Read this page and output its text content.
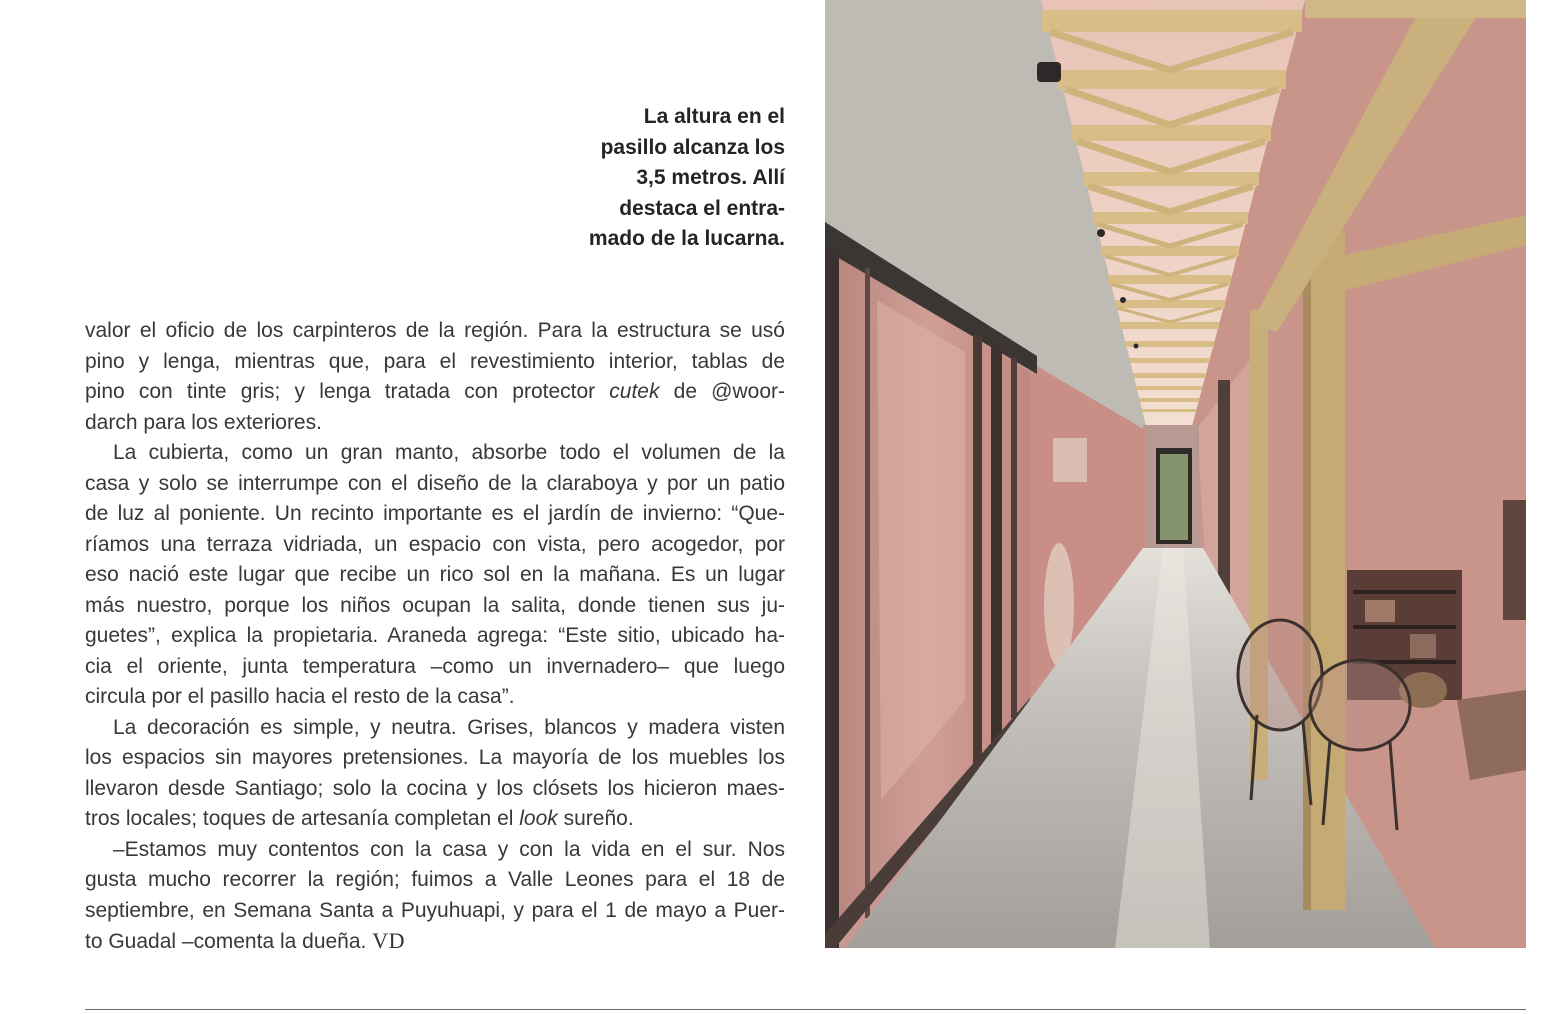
La altura en el
pasillo alcanza los
3,5 metros. Allí
destaca el entra-
mado de la lucarna.

valor el oficio de los carpinteros de la región. Para la estructura se usó
pino y lenga, mientras que, para el revestimiento interior, tablas de
pino con tinte gris; y lenga tratada con protector cutek de @woor-
darch para los exteriores.

La cubierta, como un gran manto, absorbe todo el volumen de la
casa y solo se interrumpe con el diseño de la claraboya y por un patio
de luz al poniente. Un recinto importante es el jardín de invierno: “Que-
ríamos una terraza vidriada, un espacio con vista, pero acogedor, por
eso nació este lugar que recibe un rico sol en la mañana. Es un lugar
más nuestro, porque los niños ocupan la salita, donde tienen sus ju-
guetes”, explica la propietaria. Araneda agrega: “Este sitio, ubicado ha-
cia el oriente, junta temperatura –como un invernadero– que luego
circula por el pasillo hacia el resto de la casa”.

La decoración es simple, y neutra. Grises, blancos y madera visten
los espacios sin mayores pretensiones. La mayoría de los muebles los
llevaron desde Santiago; solo la cocina y los clósets los hicieron maes-
tros locales; toques de artesanía completan el look sureño.

–Estamos muy contentos con la casa y con la vida en el sur. Nos
gusta mucho recorrer la región; fuimos a Valle Leones para el 18 de
septiembre, en Semana Santa a Puyuhuapi, y para el 1 de mayo a Puer-
to Guadal –comenta la dueña. VD
